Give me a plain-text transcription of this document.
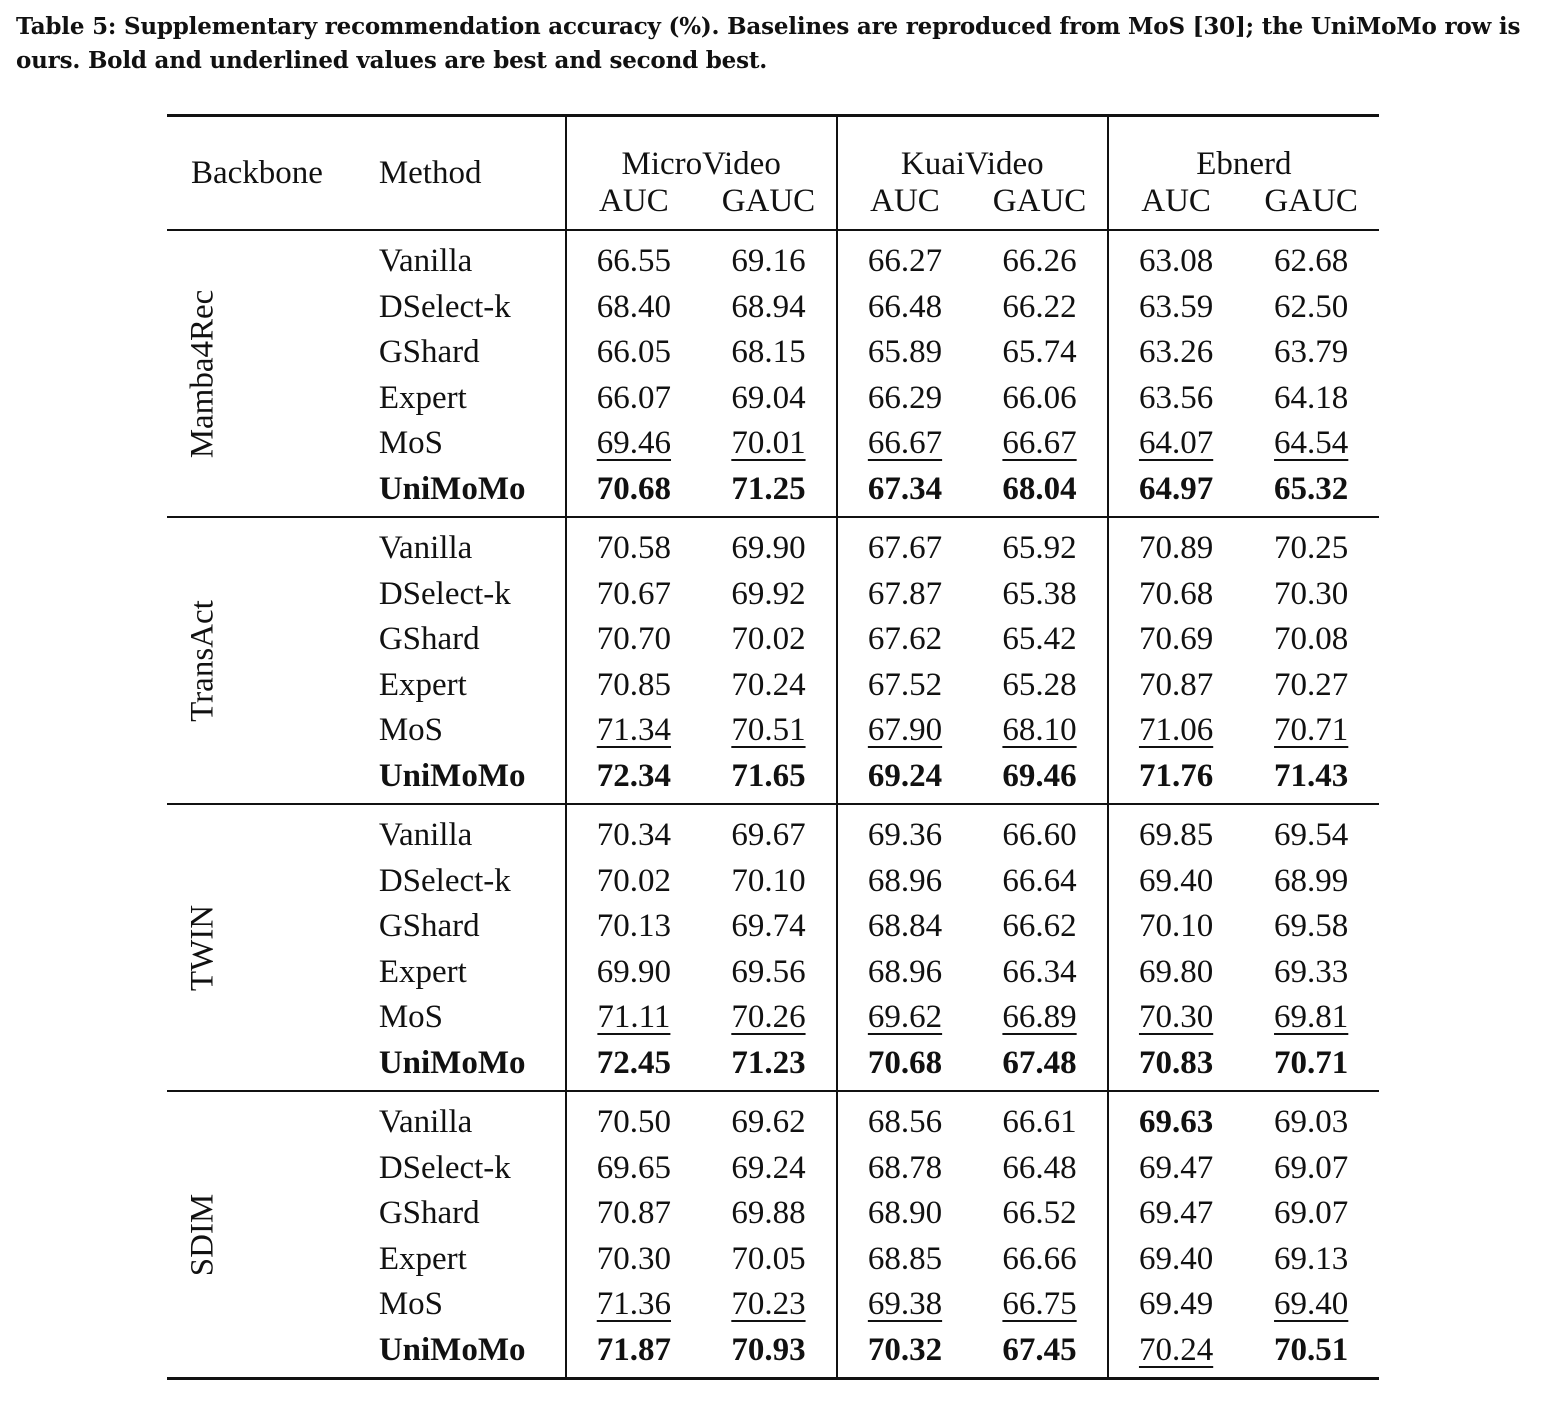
Table 5: Supplementary recommendation accuracy (%). Baselines are reproduced from MoS [30]; the UniMoMo row is ours. Bold and underlined values are best and second best.
Backbone	Method	MicroVideo		KuaiVideo		Ebnerd	
		AUC	GAUC	AUC	GAUC	AUC	GAUC

Mamba4Rec	Vanilla	66.55	69.16	66.27	66.26	63.08	62.68
	DSelect-k	68.40	68.94	66.48	66.22	63.59	62.50
	GShard	66.05	68.15	65.89	65.74	63.26	63.79
	Expert	66.07	69.04	66.29	66.06	63.56	64.18
	MoS	69.46	70.01	66.67	66.67	64.07	64.54
	UniMoMo	70.68	71.25	67.34	68.04	64.97	65.32

TransAct	Vanilla	70.58	69.90	67.67	65.92	70.89	70.25
	DSelect-k	70.67	69.92	67.87	65.38	70.68	70.30
	GShard	70.70	70.02	67.62	65.42	70.69	70.08
	Expert	70.85	70.24	67.52	65.28	70.87	70.27
	MoS	71.34	70.51	67.90	68.10	71.06	70.71
	UniMoMo	72.34	71.65	69.24	69.46	71.76	71.43

TWIN	Vanilla	70.34	69.67	69.36	66.60	69.85	69.54
	DSelect-k	70.02	70.10	68.96	66.64	69.40	68.99
	GShard	70.13	69.74	68.84	66.62	70.10	69.58
	Expert	69.90	69.56	68.96	66.34	69.80	69.33
	MoS	71.11	70.26	69.62	66.89	70.30	69.81
	UniMoMo	72.45	71.23	70.68	67.48	70.83	70.71

SDIM	Vanilla	70.50	69.62	68.56	66.61	69.63	69.03
	DSelect-k	69.65	69.24	68.78	66.48	69.47	69.07
	GShard	70.87	69.88	68.90	66.52	69.47	69.07
	Expert	70.30	70.05	68.85	66.66	69.40	69.13
	MoS	71.36	70.23	69.38	66.75	69.49	69.40
	UniMoMo	71.87	70.93	70.32	67.45	70.24	70.51
